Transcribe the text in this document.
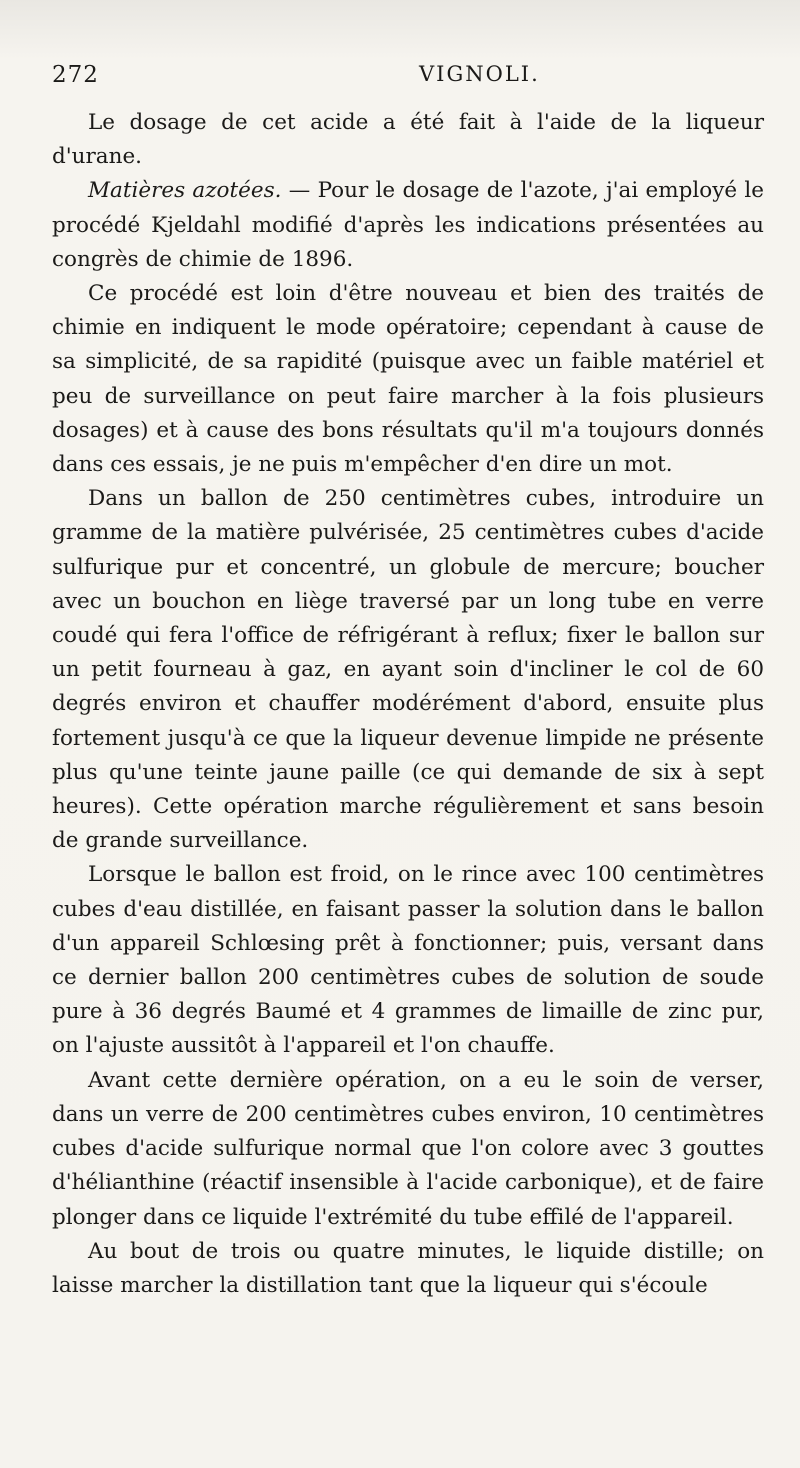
272	VIGNOLI.

Le dosage de cet acide a été fait à l'aide de la liqueur d'urane.

Matières azotées. — Pour le dosage de l'azote, j'ai employé le procédé Kjeldahl modifié d'après les indications présentées au congrès de chimie de 1896.

Ce procédé est loin d'être nouveau et bien des traités de chimie en indiquent le mode opératoire; cependant à cause de sa simplicité, de sa rapidité (puisque avec un faible matériel et peu de surveillance on peut faire marcher à la fois plusieurs dosages) et à cause des bons résultats qu'il m'a toujours donnés dans ces essais, je ne puis m'empêcher d'en dire un mot.

Dans un ballon de 250 centimètres cubes, introduire un gramme de la matière pulvérisée, 25 centimètres cubes d'acide sulfurique pur et concentré, un globule de mercure; boucher avec un bouchon en liège traversé par un long tube en verre coudé qui fera l'office de réfrigérant à reflux; fixer le ballon sur un petit fourneau à gaz, en ayant soin d'incliner le col de 60 degrés environ et chauffer modérément d'abord, ensuite plus fortement jusqu'à ce que la liqueur devenue limpide ne présente plus qu'une teinte jaune paille (ce qui demande de six à sept heures). Cette opération marche régulièrement et sans besoin de grande surveillance.

Lorsque le ballon est froid, on le rince avec 100 centimètres cubes d'eau distillée, en faisant passer la solution dans le ballon d'un appareil Schlœsing prêt à fonctionner; puis, versant dans ce dernier ballon 200 centimètres cubes de solution de soude pure à 36 degrés Baumé et 4 grammes de limaille de zinc pur, on l'ajuste aussitôt à l'appareil et l'on chauffe.

Avant cette dernière opération, on a eu le soin de verser, dans un verre de 200 centimètres cubes environ, 10 centimètres cubes d'acide sulfurique normal que l'on colore avec 3 gouttes d'hélianthine (réactif insensible à l'acide carbonique), et de faire plonger dans ce liquide l'extrémité du tube effilé de l'appareil.

Au bout de trois ou quatre minutes, le liquide distille; on laisse marcher la distillation tant que la liqueur qui s'écoule
